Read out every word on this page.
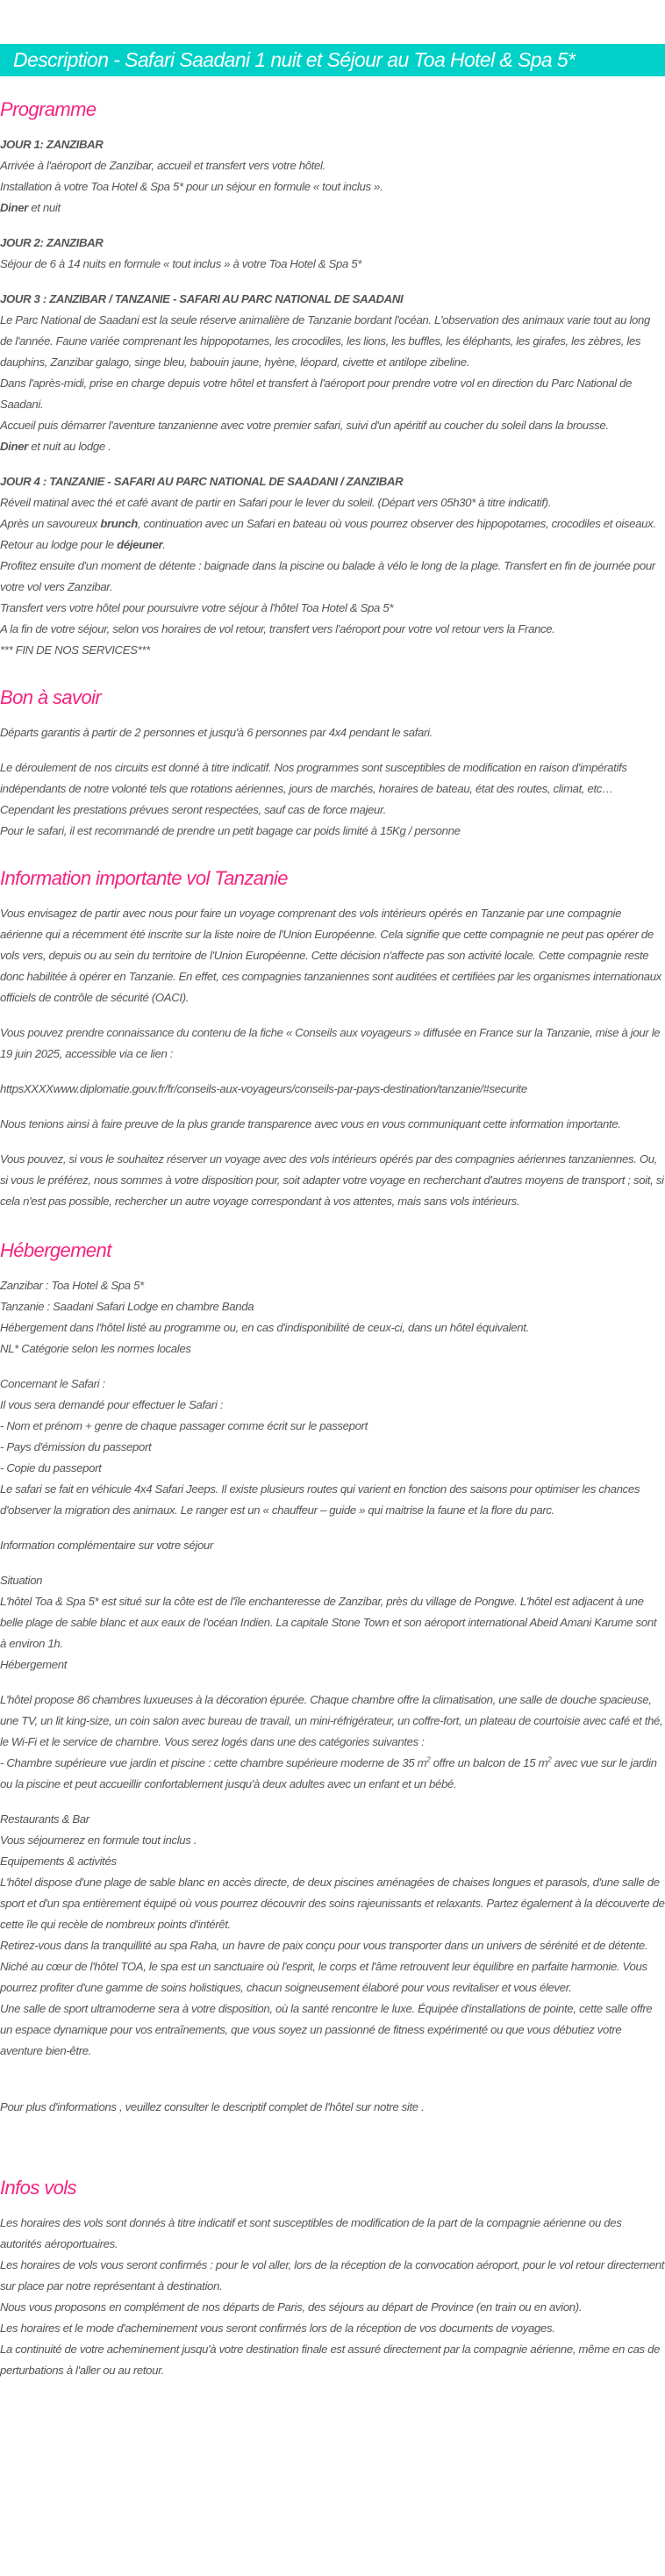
Description - Safari Saadani 1 nuit et Séjour au Toa Hotel & Spa 5*
Programme

JOUR 1: ZANZIBAR

Arrivée à l'aéroport de Zanzibar, accueil et transfert vers votre hôtel.

Installation à votre Toa Hotel & Spa 5* pour un séjour en formule « tout inclus ».

Diner et nuit

JOUR 2: ZANZIBAR

Séjour de 6 à 14 nuits en formule « tout inclus » à votre Toa Hotel & Spa 5*

JOUR 3 : ZANZIBAR / TANZANIE - SAFARI AU PARC NATIONAL DE SAADANI

Le Parc National de Saadani est la seule réserve animalière de Tanzanie bordant l'océan. L'observation des animaux varie tout au long de l'année. Faune variée comprenant les hippopotames, les crocodiles, les lions, les buffles, les éléphants, les girafes, les zèbres, les dauphins, Zanzibar galago, singe bleu, babouin jaune, hyène, léopard, civette et antilope zibeline.

Dans l'après-midi, prise en charge depuis votre hôtel et transfert à l'aéroport pour prendre votre vol en direction du Parc National de Saadani.

Accueil puis démarrer l'aventure tanzanienne avec votre premier safari, suivi d'un apéritif au coucher du soleil dans la brousse.

Diner et nuit au lodge .

JOUR 4 : TANZANIE - SAFARI AU PARC NATIONAL DE SAADANI / ZANZIBAR

Réveil matinal avec thé et café avant de partir en Safari pour le lever du soleil. (Départ vers 05h30* à titre indicatif).

Après un savoureux brunch, continuation avec un Safari en bateau où vous pourrez observer des hippopotames, crocodiles et oiseaux.

Retour au lodge pour le déjeuner.

Profitez ensuite d'un moment de détente : baignade dans la piscine ou balade à vélo le long de la plage. Transfert en fin de journée pour votre vol vers Zanzibar.

Transfert vers votre hôtel pour poursuivre votre séjour à l'hôtel Toa Hotel & Spa 5*

A la fin de votre séjour, selon vos horaires de vol retour, transfert vers l'aéroport pour votre vol retour vers la France.

*** FIN DE NOS SERVICES***

Bon à savoir

Départs garantis à partir de 2 personnes et jusqu'à 6 personnes par 4x4 pendant le safari.

Le déroulement de nos circuits est donné à titre indicatif. Nos programmes sont susceptibles de modification en raison d'impératifs indépendants de notre volonté tels que rotations aériennes, jours de marchés, horaires de bateau, état des routes, climat, etc… Cependant les prestations prévues seront respectées, sauf cas de force majeur.

Pour le safari, il est recommandé de prendre un petit bagage car poids limité à 15Kg / personne

Information importante vol Tanzanie

Vous envisagez de partir avec nous pour faire un voyage comprenant des vols intérieurs opérés en Tanzanie par une compagnie aérienne qui a récemment été inscrite sur la liste noire de l'Union Européenne. Cela signifie que cette compagnie ne peut pas opérer de vols vers, depuis ou au sein du territoire de l'Union Européenne. Cette décision n'affecte pas son activité locale. Cette compagnie reste donc habilitée à opérer en Tanzanie. En effet, ces compagnies tanzaniennes sont auditées et certifiées par les organismes internationaux officiels de contrôle de sécurité (OACI).

Vous pouvez prendre connaissance du contenu de la fiche « Conseils aux voyageurs » diffusée en France sur la Tanzanie, mise à jour le 19 juin 2025, accessible via ce lien :

httpsXXXXwww.diplomatie.gouv.fr/fr/conseils-aux-voyageurs/conseils-par-pays-destination/tanzanie/#securite

Nous tenions ainsi à faire preuve de la plus grande transparence avec vous en vous communiquant cette information importante.

Vous pouvez, si vous le souhaitez réserver un voyage avec des vols intérieurs opérés par des compagnies aériennes tanzaniennes. Ou, si vous le préférez, nous sommes à votre disposition pour, soit adapter votre voyage en recherchant d'autres moyens de transport ; soit, si cela n'est pas possible, rechercher un autre voyage correspondant à vos attentes, mais sans vols intérieurs.

Hébergement

Zanzibar : Toa Hotel & Spa 5*

Tanzanie : Saadani Safari Lodge en chambre Banda

Hébergement dans l'hôtel listé au programme ou, en cas d'indisponibilité de ceux-ci, dans un hôtel équivalent.

NL* Catégorie selon les normes locales

Concernant le Safari :

Il vous sera demandé pour effectuer le Safari :

- Nom et prénom + genre de chaque passager comme écrit sur le passeport

- Pays d'émission du passeport

- Copie du passeport

Le safari se fait en véhicule 4x4 Safari Jeeps. Il existe plusieurs routes qui varient en fonction des saisons pour optimiser les chances d'observer la migration des animaux. Le ranger est un « chauffeur – guide » qui maitrise la faune et la flore du parc.

Information complémentaire sur votre séjour

Situation

L'hôtel Toa & Spa 5* est situé sur la côte est de l'île enchanteresse de Zanzibar, près du village de Pongwe. L'hôtel est adjacent à une belle plage de sable blanc et aux eaux de l'océan Indien. La capitale Stone Town et son aéroport international Abeid Amani Karume sont à environ 1h.

Hébergement

L'hôtel propose 86 chambres luxueuses à la décoration épurée. Chaque chambre offre la climatisation, une salle de douche spacieuse, une TV, un lit king-size, un coin salon avec bureau de travail, un mini-réfrigérateur, un coffre-fort, un plateau de courtoisie avec café et thé, le Wi-Fi et le service de chambre. Vous serez logés dans une des catégories suivantes :

- Chambre supérieure vue jardin et piscine : cette chambre supérieure moderne de 35 $m^2$ offre un balcon de 15 $m^2$ avec vue sur le jardin ou la piscine et peut accueillir confortablement jusqu'à deux adultes avec un enfant et un bébé.

Restaurants & Bar

Vous séjournerez en formule tout inclus .

Equipements & activités

L'hôtel dispose d'une plage de sable blanc en accès directe, de deux piscines aménagées de chaises longues et parasols, d'une salle de sport et d'un spa entièrement équipé où vous pourrez découvrir des soins rajeunissants et relaxants. Partez également à la découverte de cette île qui recèle de nombreux points d'intérêt.

Retirez-vous dans la tranquillité au spa Raha, un havre de paix conçu pour vous transporter dans un univers de sérénité et de détente. Niché au cœur de l'hôtel TOA, le spa est un sanctuaire où l'esprit, le corps et l'âme retrouvent leur équilibre en parfaite harmonie. Vous pourrez profiter d'une gamme de soins holistiques, chacun soigneusement élaboré pour vous revitaliser et vous élever.

Une salle de sport ultramoderne sera à votre disposition, où la santé rencontre le luxe. Équipée d'installations de pointe, cette salle offre un espace dynamique pour vos entraînements, que vous soyez un passionné de fitness expérimenté ou que vous débutiez votre aventure bien-être.

Pour plus d'informations , veuillez consulter le descriptif complet de l'hôtel sur notre site .

Infos vols

Les horaires des vols sont donnés à titre indicatif et sont susceptibles de modification de la part de la compagnie aérienne ou des autorités aéroportuaires.

Les horaires de vols vous seront confirmés : pour le vol aller, lors de la réception de la convocation aéroport, pour le vol retour directement sur place par notre représentant à destination.

Nous vous proposons en complément de nos départs de Paris, des séjours au départ de Province (en train ou en avion).

Les horaires et le mode d'acheminement vous seront confirmés lors de la réception de vos documents de voyages.

La continuité de votre acheminement jusqu'à votre destination finale est assuré directement par la compagnie aérienne, même en cas de perturbations à l'aller ou au retour.
